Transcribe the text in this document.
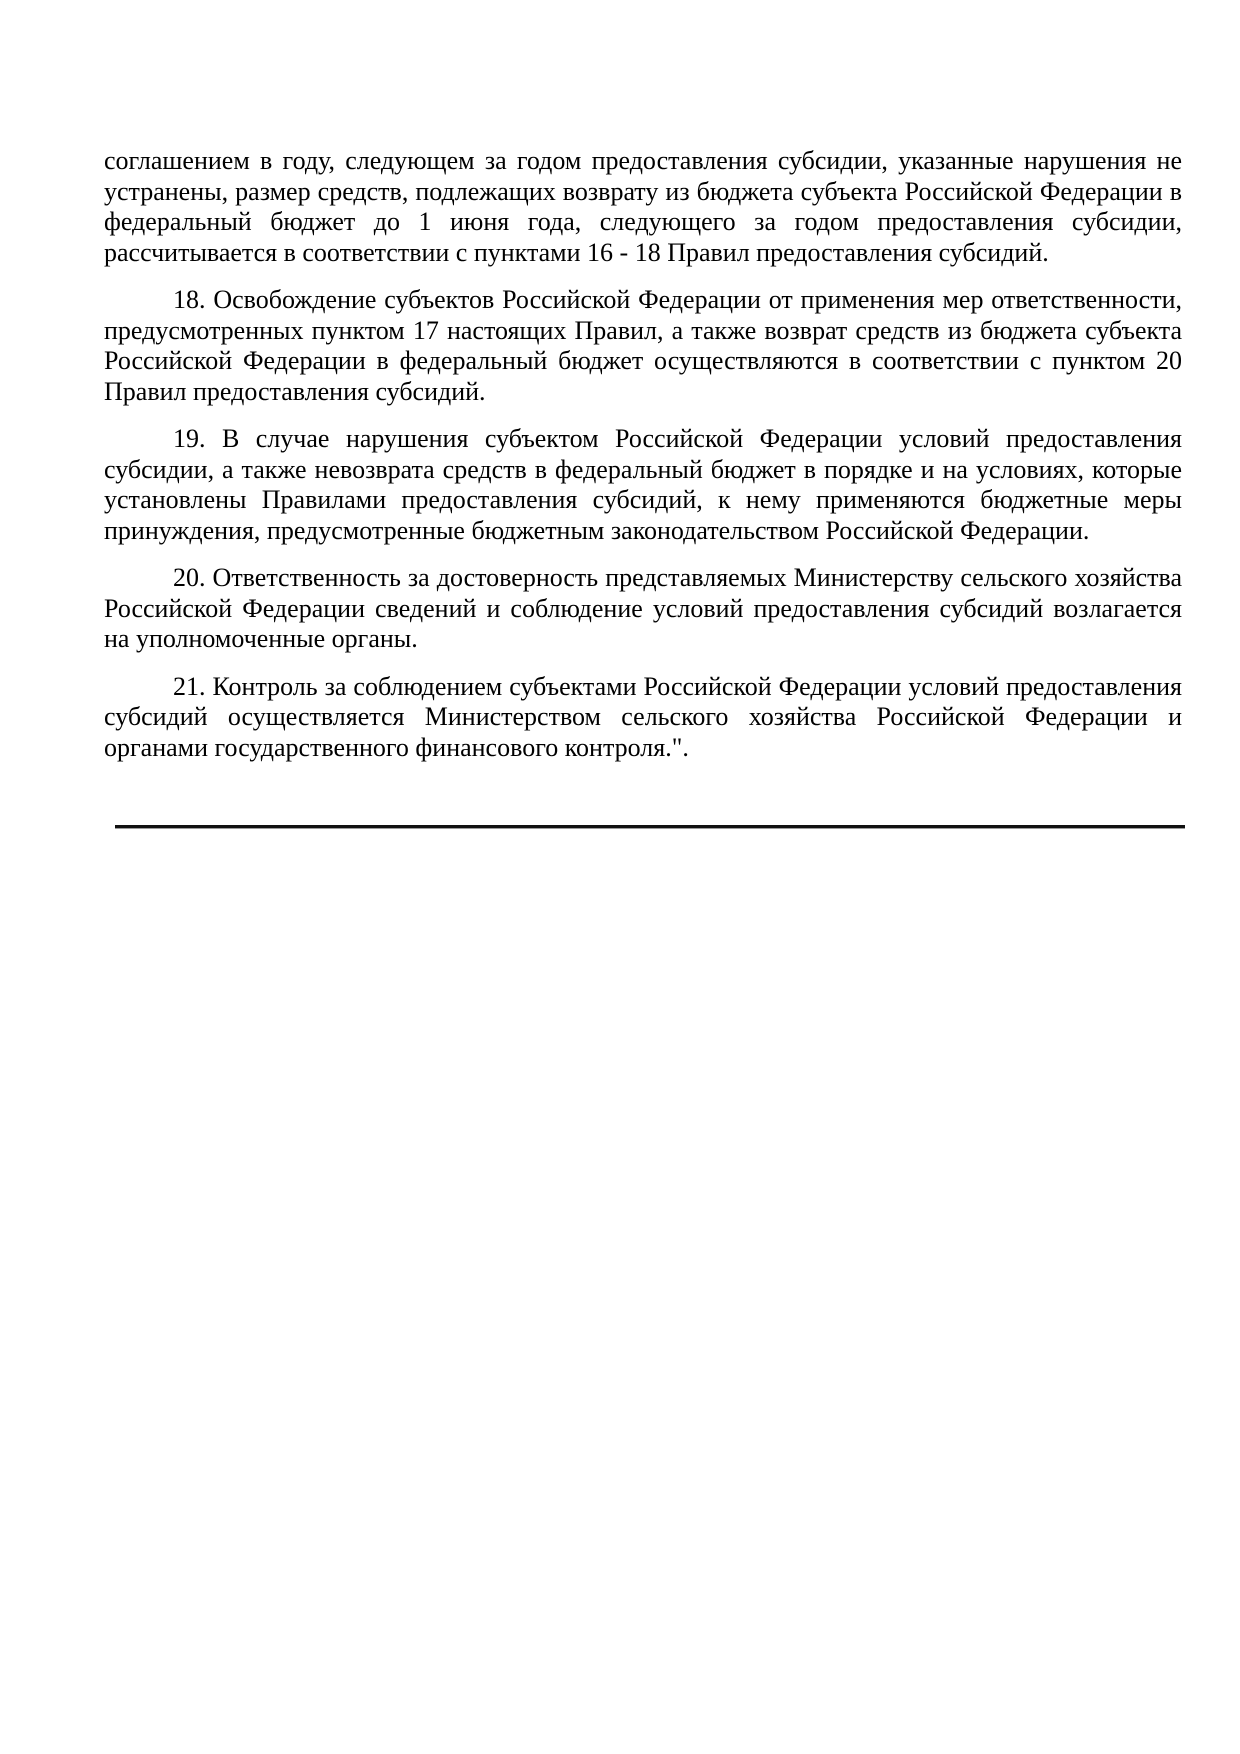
соглашением в году, следующем за годом предоставления субсидии, указанные нарушения не устранены, размер средств, подлежащих возврату из бюджета субъекта Российской Федерации в федеральный бюджет до 1 июня года, следующего за годом предоставления субсидии, рассчитывается в соответствии с пунктами 16 - 18 Правил предоставления субсидий.

18. Освобождение субъектов Российской Федерации от применения мер ответственности, предусмотренных пунктом 17 настоящих Правил, а также возврат средств из бюджета субъекта Российской Федерации в федеральный бюджет осуществляются в соответствии с пунктом 20 Правил предоставления субсидий.

19. В случае нарушения субъектом Российской Федерации условий предоставления субсидии, а также невозврата средств в федеральный бюджет в порядке и на условиях, которые установлены Правилами предоставления субсидий, к нему применяются бюджетные меры принуждения, предусмотренные бюджетным законодательством Российской Федерации.

20. Ответственность за достоверность представляемых Министерству сельского хозяйства Российской Федерации сведений и соблюдение условий предоставления субсидий возлагается на уполномоченные органы.

21. Контроль за соблюдением субъектами Российской Федерации условий предоставления субсидий осуществляется Министерством сельского хозяйства Российской Федерации и органами государственного финансового контроля.".
